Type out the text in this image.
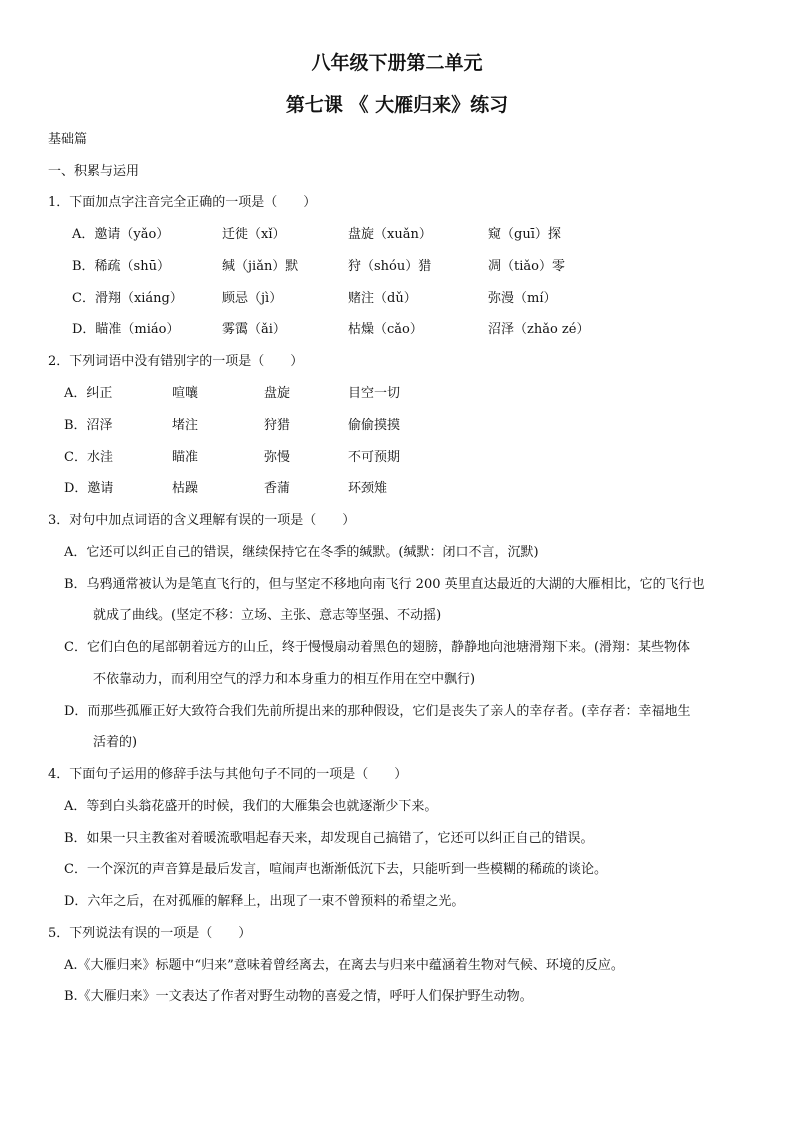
八年级下册第二单元
第七课 《 大雁归来》练习
基础篇
一、积累与运用
1．下面加点字注音完全正确的一项是（　　）
A．邀请（yǎo）	迁徙（xǐ）	盘旋（xuǎn）	窥（guī）探
B．稀疏（shū）	缄（jiǎn）默	狩（shóu）猎	凋（tiǎo）零
C．滑翔（xiáng）	顾忌（jì）	赌注（dǔ）	弥漫（mí）
D．瞄准（miáo）	雾霭（ǎi）	枯燥（cǎo）	沼泽（zhǎo zé）
2．下列词语中没有错别字的一项是（　　）
A．纠正	喧嚷	盘旋	目空一切
B．沼泽	堵注	狩猎	偷偷摸摸
C．水洼	瞄准	弥慢	不可预期
D．邀请	枯躁	香蒲	环颈雉
3．对句中加点词语的含义理解有误的一项是（　　）
A．它还可以纠正自己的错误，继续保持它在冬季的缄默。(缄默：闭口不言，沉默)
B．乌鸦通常被认为是笔直飞行的，但与坚定不移地向南飞行 200 英里直达最近的大湖的大雁相比，它的飞行也
就成了曲线。(坚定不移：立场、主张、意志等坚强、不动摇)
C．它们白色的尾部朝着远方的山丘，终于慢慢扇动着黑色的翅膀，静静地向池塘滑翔下来。(滑翔：某些物体
不依靠动力，而利用空气的浮力和本身重力的相互作用在空中飘行)
D．而那些孤雁正好大致符合我们先前所提出来的那种假设，它们是丧失了亲人的幸存者。(幸存者：幸福地生
活着的)
4．下面句子运用的修辞手法与其他句子不同的一项是（　　）
A．等到白头翁花盛开的时候，我们的大雁集会也就逐渐少下来。
B．如果一只主教雀对着暖流歌唱起春天来，却发现自己搞错了，它还可以纠正自己的错误。
C．一个深沉的声音算是最后发言，喧闹声也渐渐低沉下去，只能听到一些模糊的稀疏的谈论。
D．六年之后，在对孤雁的解释上，出现了一束不曾预料的希望之光。
5．下列说法有误的一项是（　　）
A.《大雁归来》标题中“归来”意味着曾经离去，在离去与归来中蕴涵着生物对气候、环境的反应。
B.《大雁归来》一文表达了作者对野生动物的喜爱之情，呼吁人们保护野生动物。
